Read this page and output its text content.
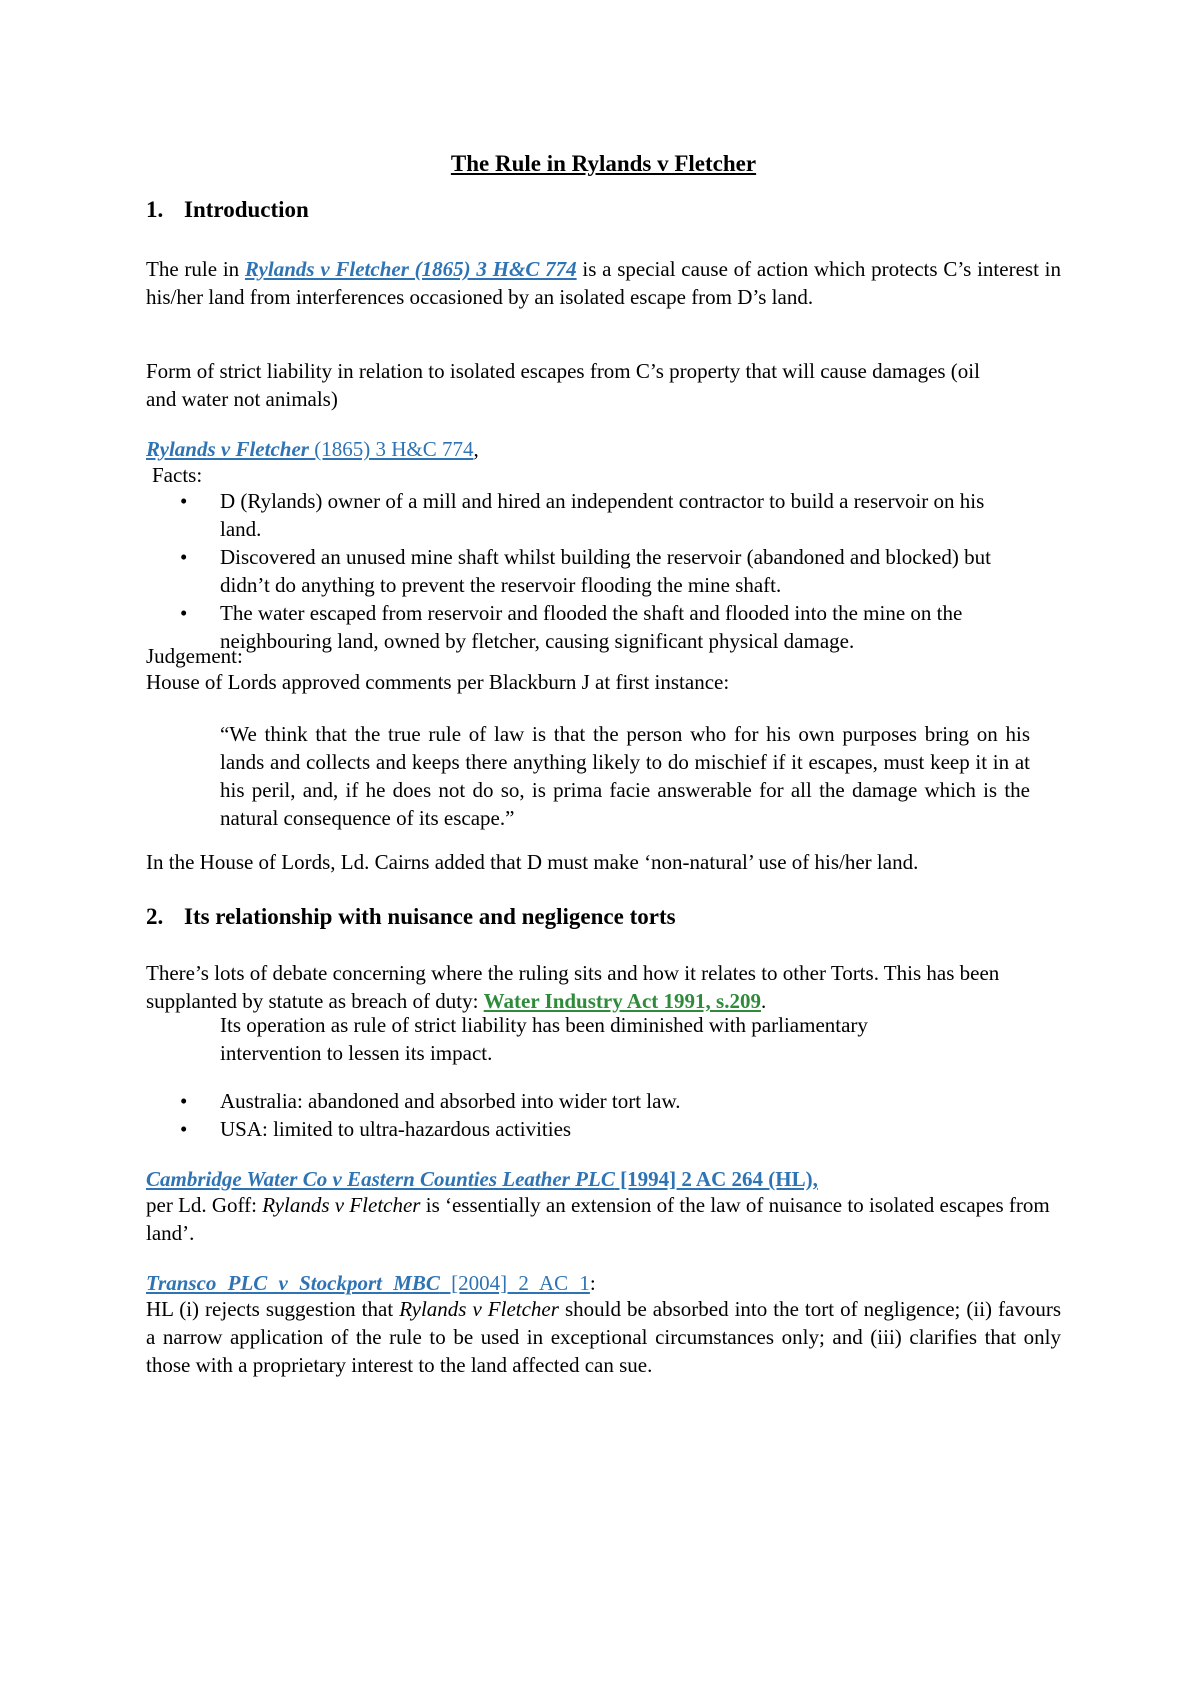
The Rule in Rylands v Fletcher
1. Introduction
The rule in Rylands v Fletcher (1865) 3 H&C 774 is a special cause of action which protects C’s interest in his/her land from interferences occasioned by an isolated escape from D’s land.
Form of strict liability in relation to isolated escapes from C’s property that will cause damages (oil and water not animals)
Rylands v Fletcher (1865) 3 H&C 774,
Facts:
• D (Rylands) owner of a mill and hired an independent contractor to build a reservoir on his land.
• Discovered an unused mine shaft whilst building the reservoir (abandoned and blocked) but didn’t do anything to prevent the reservoir flooding the mine shaft.
• The water escaped from reservoir and flooded the shaft and flooded into the mine on the neighbouring land, owned by fletcher, causing significant physical damage.
Judgement:
House of Lords approved comments per Blackburn J at first instance:
“We think that the true rule of law is that the person who for his own purposes bring on his lands and collects and keeps there anything likely to do mischief if it escapes, must keep it in at his peril, and, if he does not do so, is prima facie answerable for all the damage which is the natural consequence of its escape.”
In the House of Lords, Ld. Cairns added that D must make ‘non-natural’ use of his/her land.
2. Its relationship with nuisance and negligence torts
There’s lots of debate concerning where the ruling sits and how it relates to other Torts. This has been supplanted by statute as breach of duty: Water Industry Act 1991, s.209.
Its operation as rule of strict liability has been diminished with parliamentary intervention to lessen its impact.
• Australia: abandoned and absorbed into wider tort law.
• USA: limited to ultra-hazardous activities
Cambridge Water Co v Eastern Counties Leather PLC [1994] 2 AC 264 (HL),
per Ld. Goff: Rylands v Fletcher is ‘essentially an extension of the law of nuisance to isolated escapes from land’.
Transco PLC v Stockport MBC [2004] 2 AC 1:
HL (i) rejects suggestion that Rylands v Fletcher should be absorbed into the tort of negligence; (ii) favours a narrow application of the rule to be used in exceptional circumstances only; and (iii) clarifies that only those with a proprietary interest to the land affected can sue.
